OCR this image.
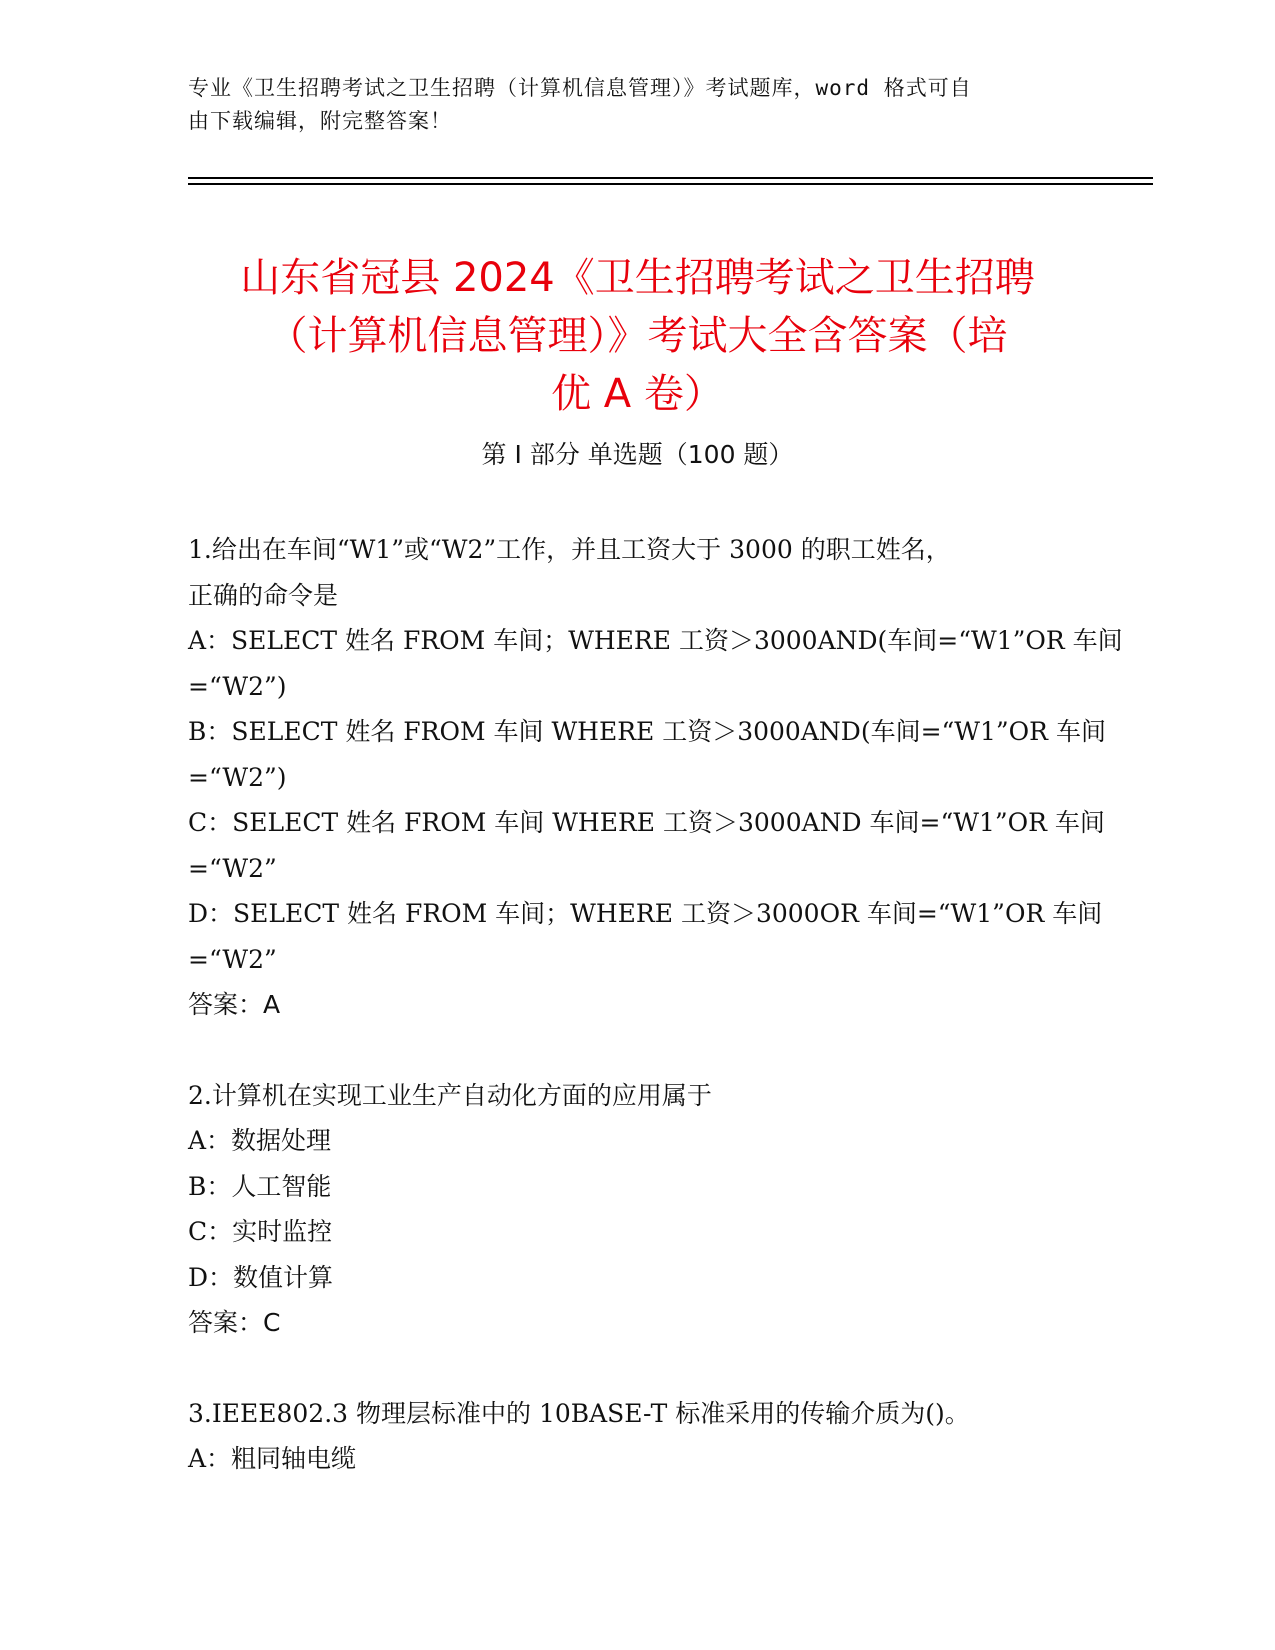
专业《卫生招聘考试之卫生招聘（计算机信息管理）》考试题库，word 格式可自
由下载编辑，附完整答案！
山东省冠县 2024《卫生招聘考试之卫生招聘
（计算机信息管理）》考试大全含答案（培
优 A 卷）
第 I 部分 单选题（100 题）
1.给出在车间“W1”或“W2”工作，并且工资大于 3000 的职工姓名，
正确的命令是
A：SELECT 姓名 FROM 车间；WHERE 工资＞3000AND(车间=“W1”OR 车间
=“W2”)
B：SELECT 姓名 FROM 车间 WHERE 工资＞3000AND(车间=“W1”OR 车间
=“W2”)
C：SELECT 姓名 FROM 车间 WHERE 工资＞3000AND 车间=“W1”OR 车间
=“W2”
D：SELECT 姓名 FROM 车间；WHERE 工资＞3000OR 车间=“W1”OR 车间
=“W2”
答案：A
2.计算机在实现工业生产自动化方面的应用属于
A：数据处理
B：人工智能
C：实时监控
D：数值计算
答案：C
3.IEEE802.3 物理层标准中的 10BASE-T 标准采用的传输介质为()。
A：粗同轴电缆
